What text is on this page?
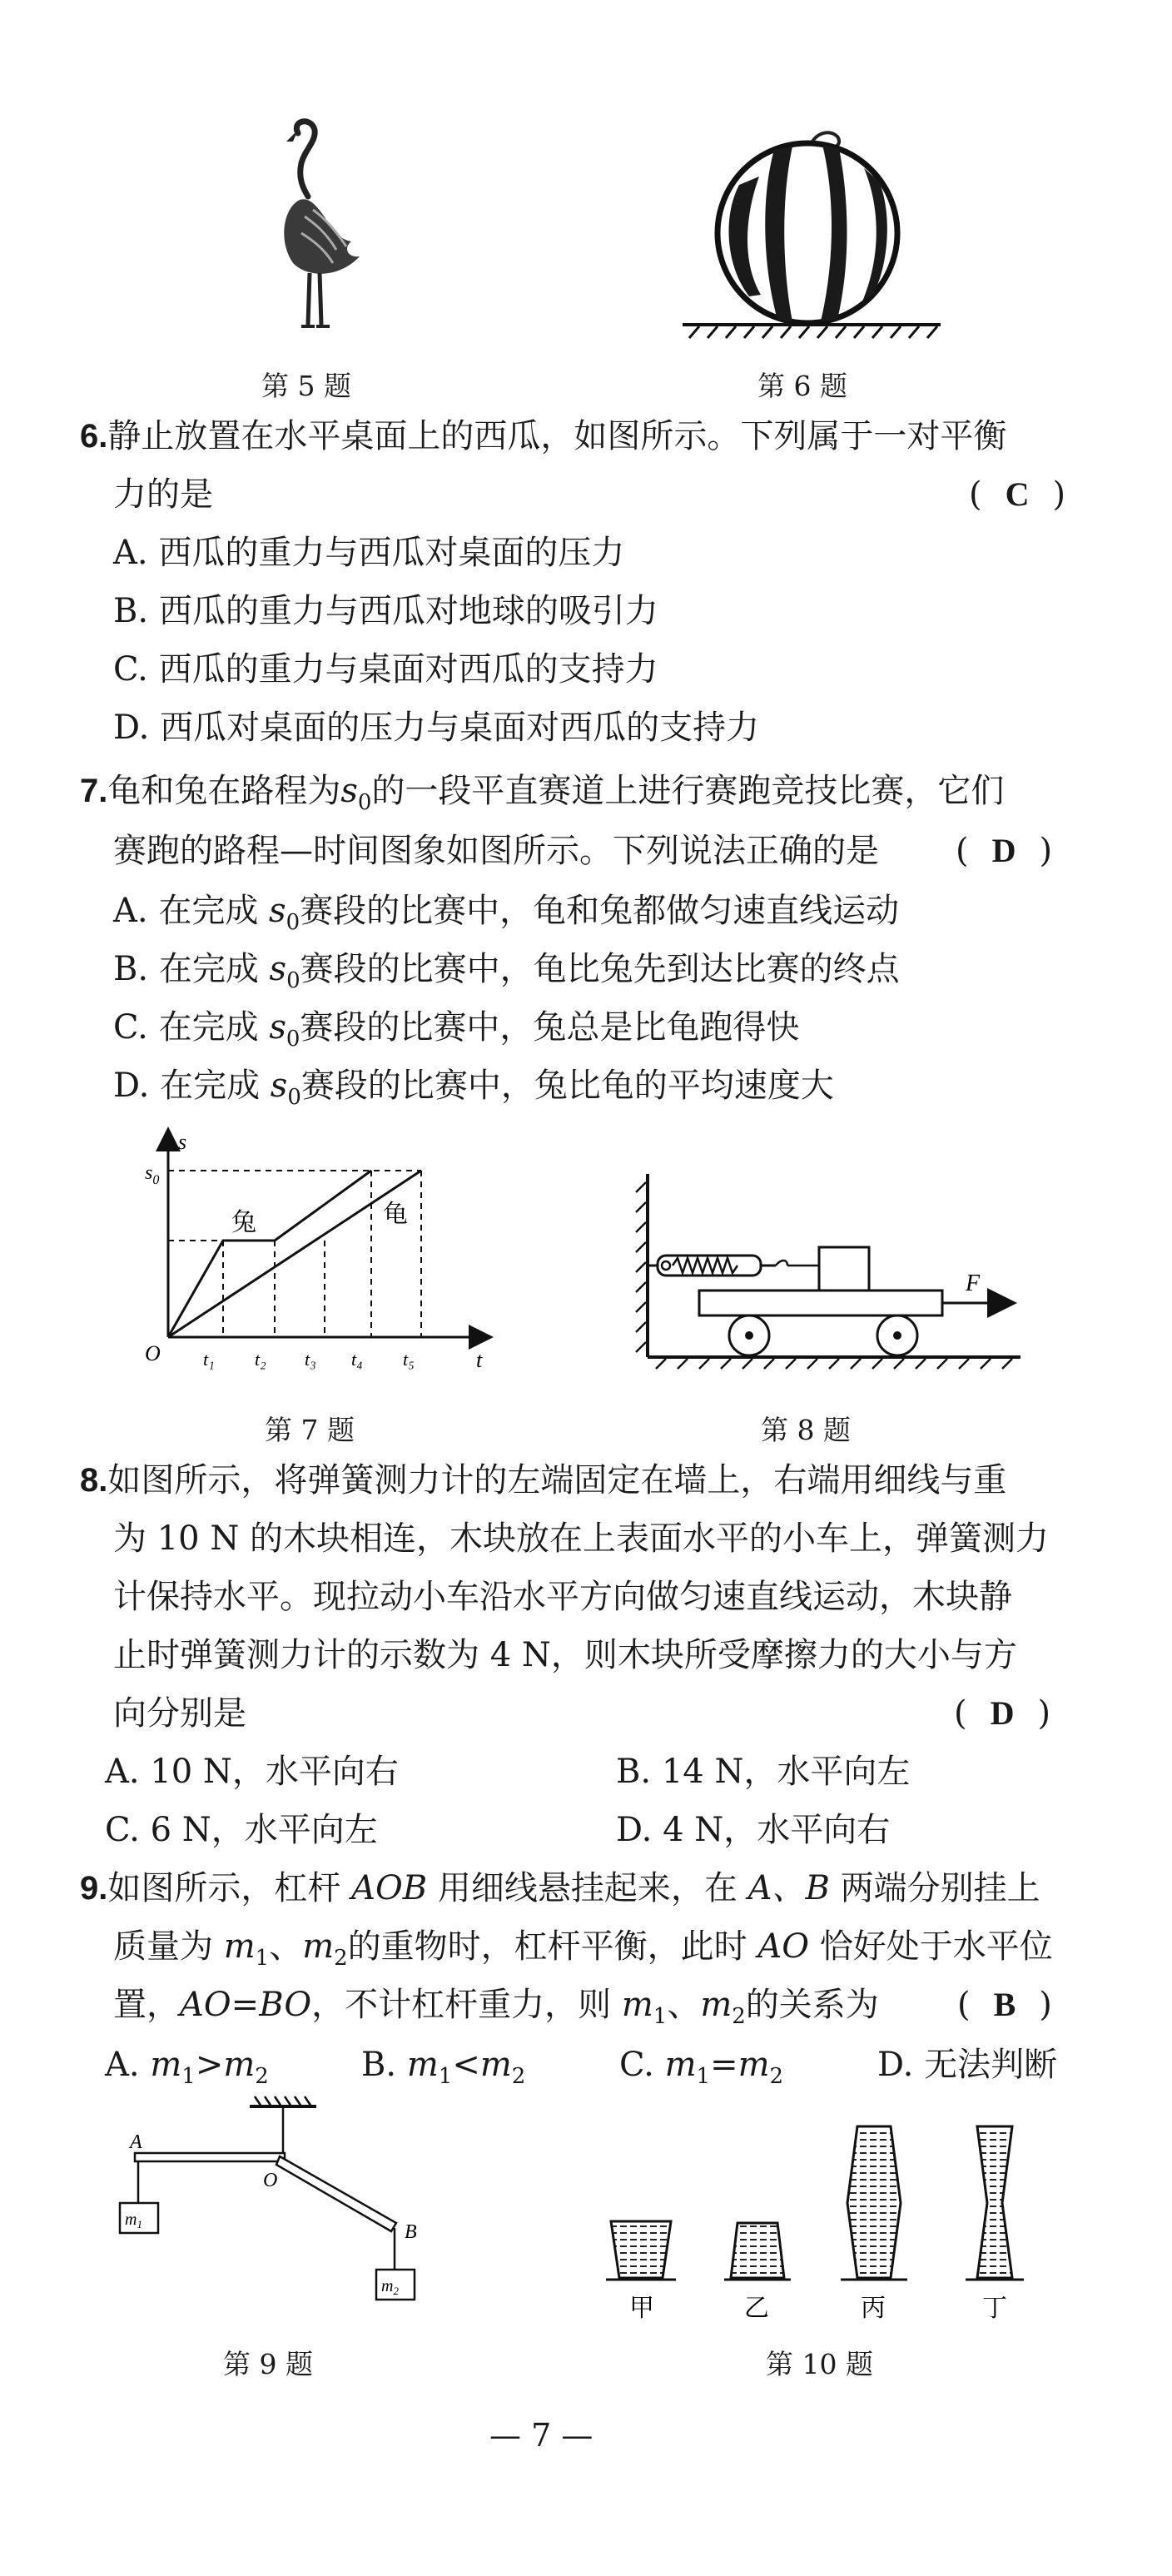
第 5 题	第 6 题
6.静止放置在水平桌面上的西瓜，如图所示。下列属于一对平衡
力的是	( C )
A. 西瓜的重力与西瓜对桌面的压力
B. 西瓜的重力与西瓜对地球的吸引力
C. 西瓜的重力与桌面对西瓜的支持力
D. 西瓜对桌面的压力与桌面对西瓜的支持力
7.龟和兔在路程为$s_0$的一段平直赛道上进行赛跑竞技比赛，它们
赛跑的路程—时间图象如图所示。下列说法正确的是 ( D )
A. 在完成 $s_0$赛段的比赛中，龟和兔都做匀速直线运动
B. 在完成 $s_0$赛段的比赛中，龟比兔先到达比赛的终点
C. 在完成 $s_0$赛段的比赛中，兔总是比龟跑得快
D. 在完成 $s_0$赛段的比赛中，兔比龟的平均速度大
$s_0$
s
t
O
兔	龟
t₁ t₂ t₃ t₄ t₅
第 7 题
F
第 8 题
8.如图所示，将弹簧测力计的左端固定在墙上，右端用细线与重
为 10 N 的木块相连，木块放在上表面水平的小车上，弹簧测力
计保持水平。现拉动小车沿水平方向做匀速直线运动，木块静
止时弹簧测力计的示数为 4 N，则木块所受摩擦力的大小与方
向分别是	( D )
A. 10 N，水平向右	B. 14 N，水平向左
C. 6 N，水平向左	D. 4 N，水平向右
9.如图所示，杠杆 AOB 用细线悬挂起来，在 A、B 两端分别挂上
质量为 $m_1$、$m_2$的重物时，杠杆平衡，此时 AO 恰好处于水平位
置，AO=BO，不计杠杆重力，则 $m_1$、$m_2$的关系为 ( B )
A. $m_1>m_2$	B. $m_1<m_2$	C. $m_1=m_2$	D. 无法判断
$m_1$
$m_2$
A
O
B
第 9 题
甲	乙	丙	丁
第 10 题
— 7 —
